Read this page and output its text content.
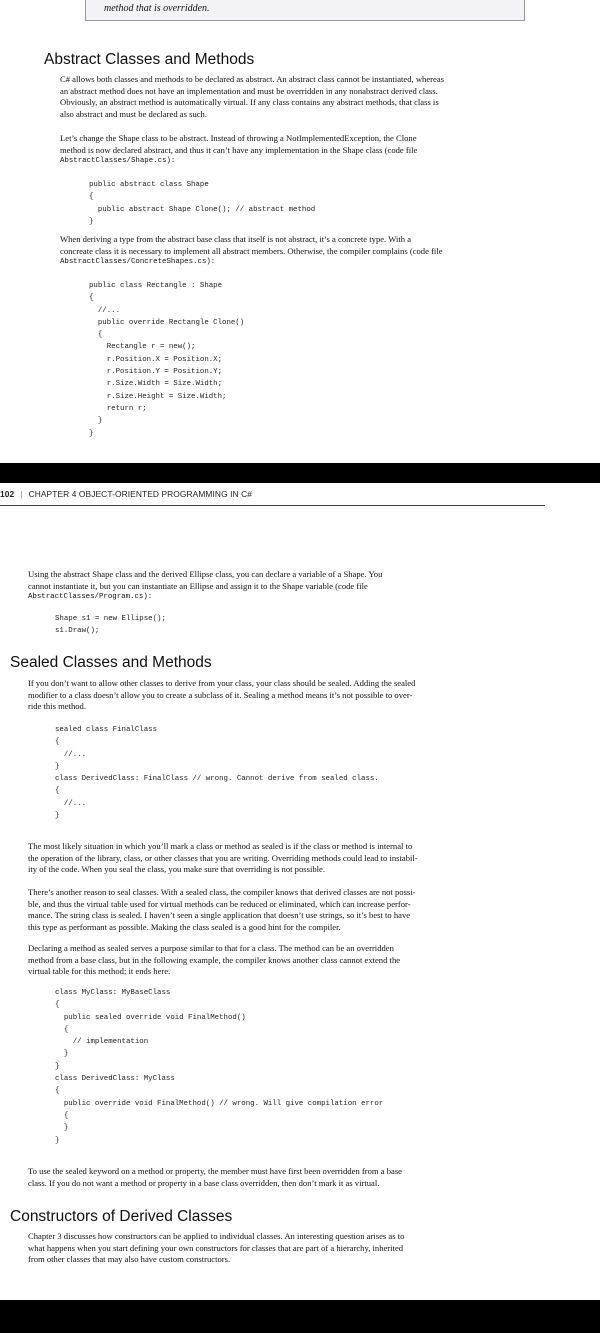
method that is overridden.
Abstract Classes and Methods
C# allows both classes and methods to be declared as abstract. An abstract class cannot be instantiated, whereas
an abstract method does not have an implementation and must be overridden in any nonabstract derived class.
Obviously, an abstract method is automatically virtual. If any class contains any abstract methods, that class is
also abstract and must be declared as such.
Let’s change the Shape class to be abstract. Instead of throwing a NotImplementedException, the Clone
method is now declared abstract, and thus it can’t have any implementation in the Shape class (code file
AbstractClasses/Shape.cs):
public abstract class Shape
{
public abstract Shape Clone(); // abstract method
}
When deriving a type from the abstract base class that itself is not abstract, it’s a concrete type. With a
concreate class it is necessary to implement all abstract members. Otherwise, the compiler complains (code file
AbstractClasses/ConcreteShapes.cs):
public class Rectangle : Shape
{
//...
public override Rectangle Clone()
{
Rectangle r = new();
r.Position.X = Position.X;
r.Position.Y = Position.Y;
r.Size.Width = Size.Width;
r.Size.Height = Size.Width;
return r;
}
}
102 | CHAPTER 4 OBJECT-ORIENTED PROGRAMMING IN C#
Using the abstract Shape class and the derived Ellipse class, you can declare a variable of a Shape. You
cannot instantiate it, but you can instantiate an Ellipse and assign it to the Shape variable (code file
AbstractClasses/Program.cs):
Shape s1 = new Ellipse();
s1.Draw();
Sealed Classes and Methods
If you don’t want to allow other classes to derive from your class, your class should be sealed. Adding the sealed
modifier to a class doesn’t allow you to create a subclass of it. Sealing a method means it’s not possible to over-
ride this method.
sealed class FinalClass
{
//...
}
class DerivedClass: FinalClass // wrong. Cannot derive from sealed class.
{
//...
}
The most likely situation in which you’ll mark a class or method as sealed is if the class or method is internal to
the operation of the library, class, or other classes that you are writing. Overriding methods could lead to instabil-
ity of the code. When you seal the class, you make sure that overriding is not possible.
There’s another reason to seal classes. With a sealed class, the compiler knows that derived classes are not possi-
ble, and thus the virtual table used for virtual methods can be reduced or eliminated, which can increase perfor-
mance. The string class is sealed. I haven’t seen a single application that doesn’t use strings, so it’s best to have
this type as performant as possible. Making the class sealed is a good hint for the compiler.
Declaring a method as sealed serves a purpose similar to that for a class. The method can be an overridden
method from a base class, but in the following example, the compiler knows another class cannot extend the
virtual table for this method; it ends here.
class MyClass: MyBaseClass
{
public sealed override void FinalMethod()
{
// implementation
}
}
class DerivedClass: MyClass
{
public override void FinalMethod() // wrong. Will give compilation error
{
}
}
To use the sealed keyword on a method or property, the member must have first been overridden from a base
class. If you do not want a method or property in a base class overridden, then don’t mark it as virtual.
Constructors of Derived Classes
Chapter 3 discusses how constructors can be applied to individual classes. An interesting question arises as to
what happens when you start defining your own constructors for classes that are part of a hierarchy, inherited
from other classes that may also have custom constructors.
